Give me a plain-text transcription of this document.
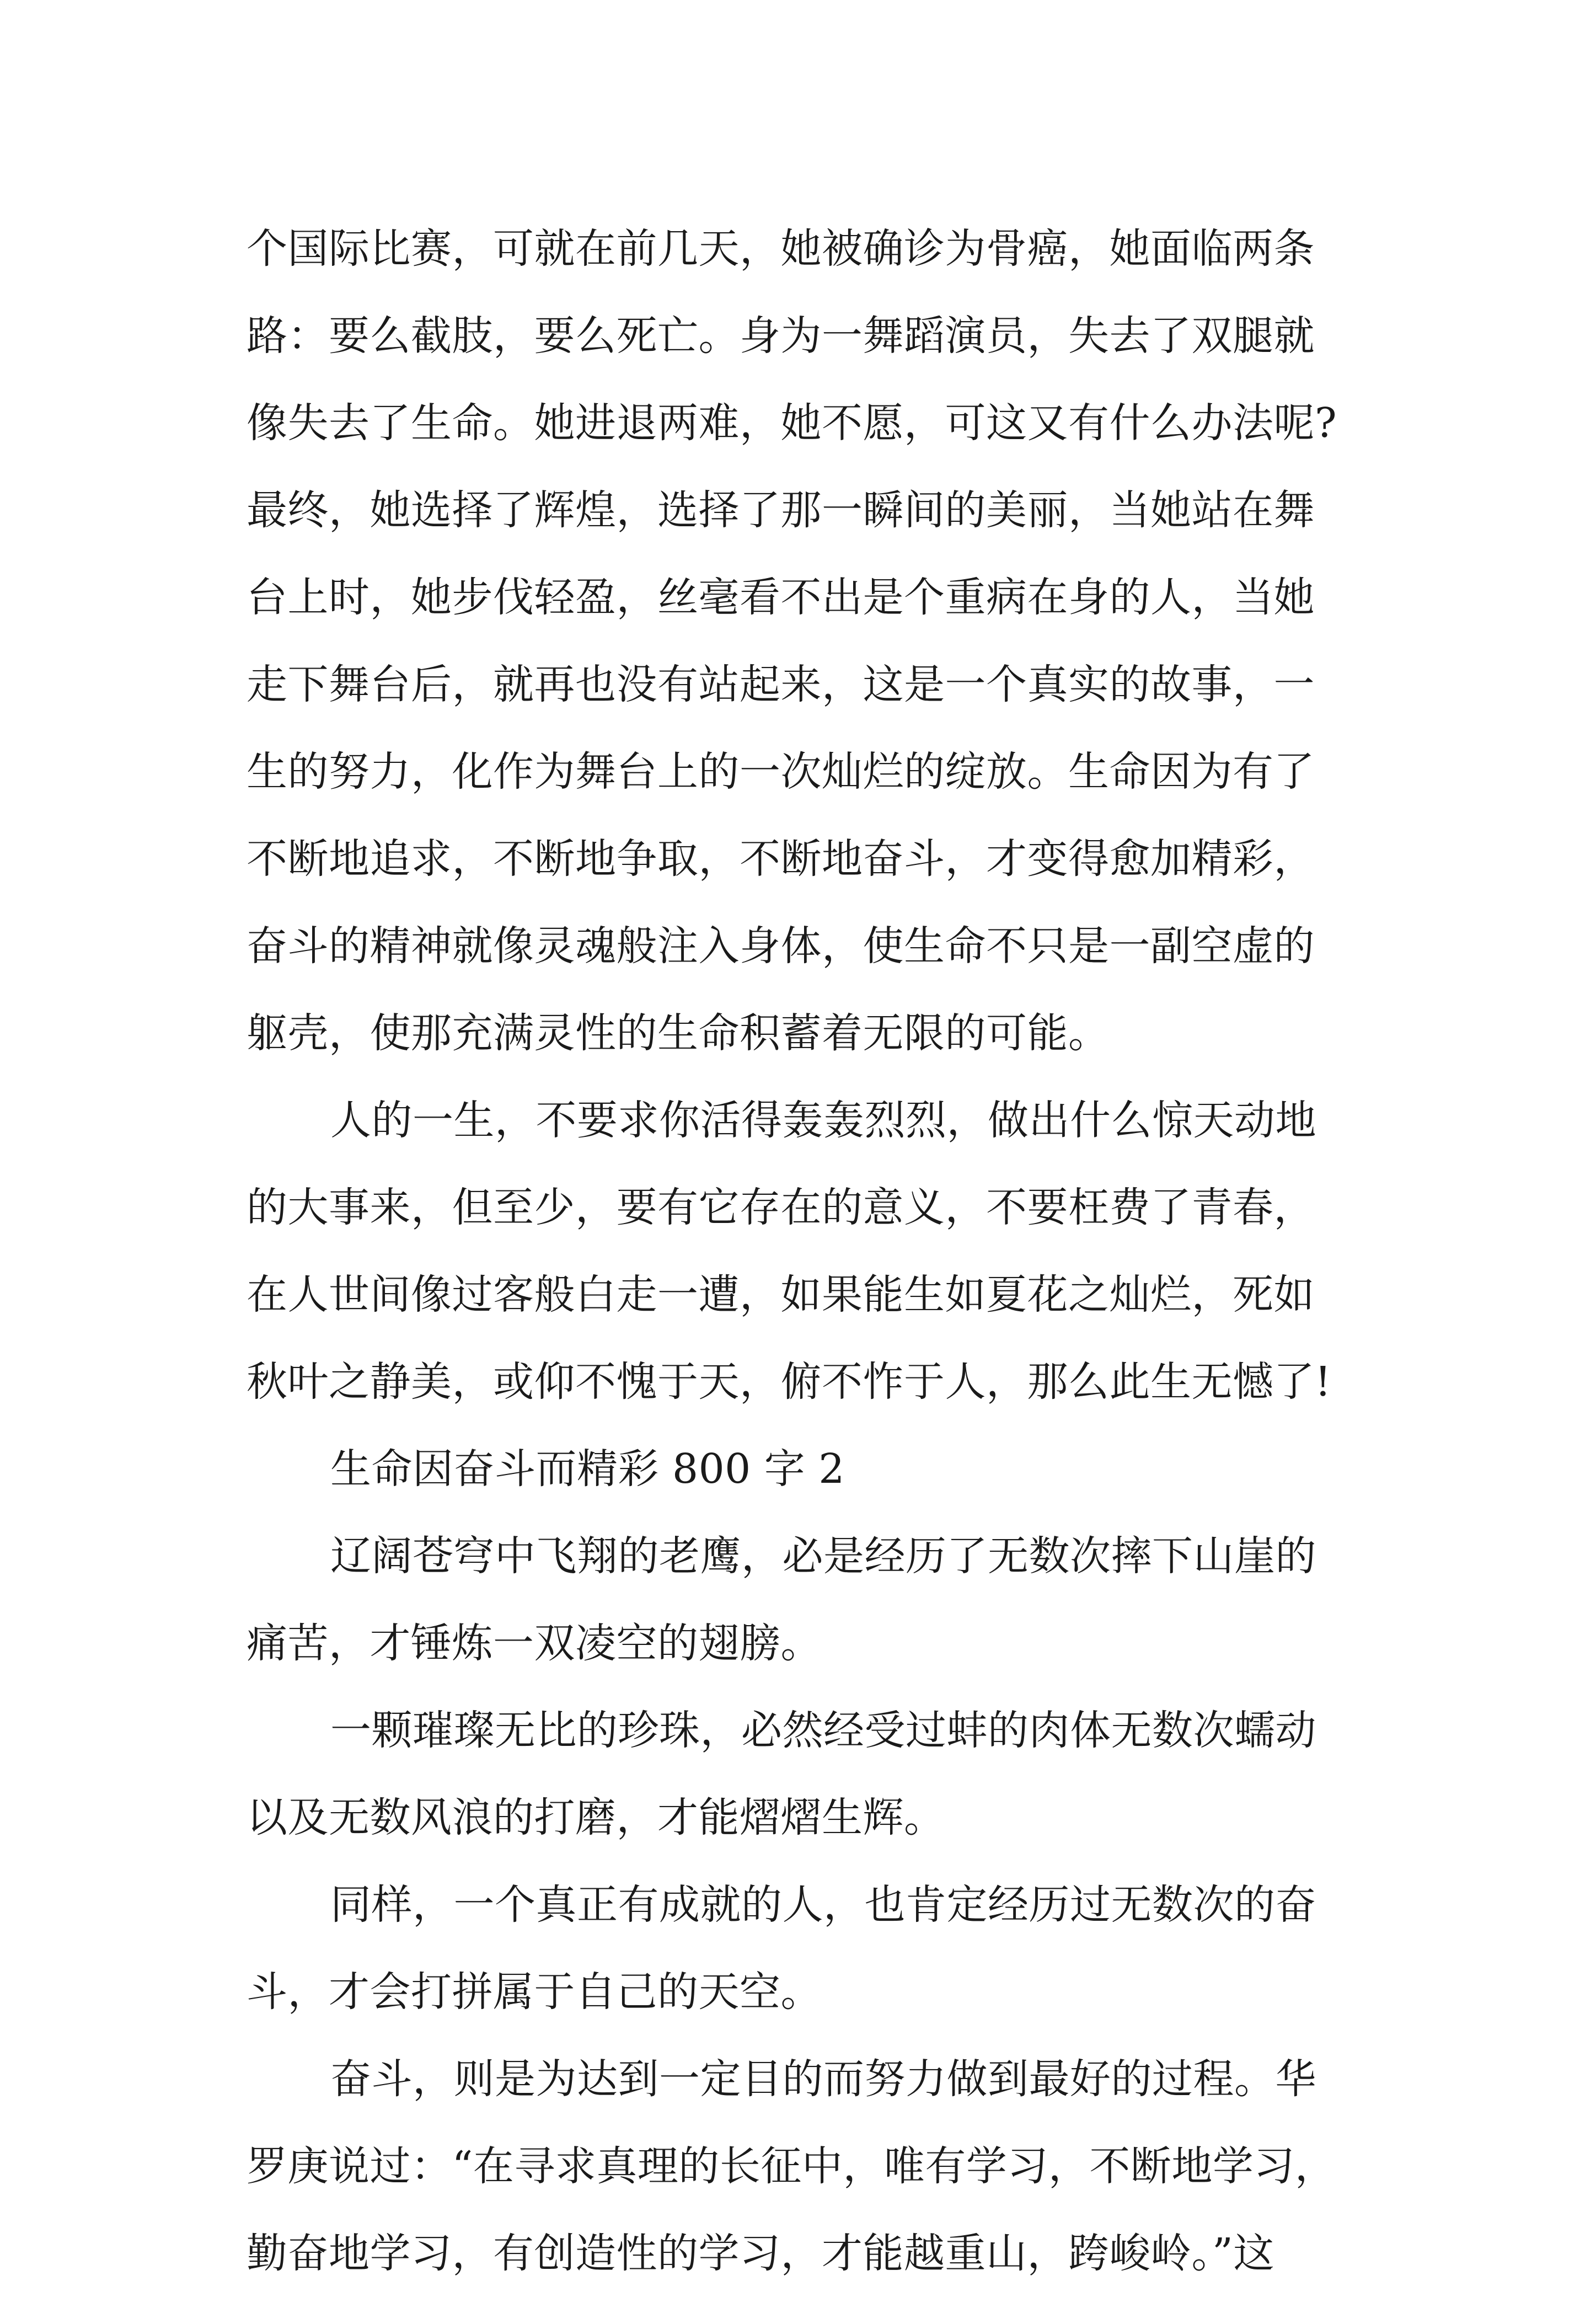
个国际比赛，可就在前几天，她被确诊为骨癌，她面临两条
路：要么截肢，要么死亡。身为一舞蹈演员，失去了双腿就
像失去了生命。她进退两难，她不愿，可这又有什么办法呢?
最终，她选择了辉煌，选择了那一瞬间的美丽，当她站在舞
台上时，她步伐轻盈，丝毫看不出是个重病在身的人，当她
走下舞台后，就再也没有站起来，这是一个真实的故事，一
生的努力，化作为舞台上的一次灿烂的绽放。生命因为有了
不断地追求，不断地争取，不断地奋斗，才变得愈加精彩，
奋斗的精神就像灵魂般注入身体，使生命不只是一副空虚的
躯壳，使那充满灵性的生命积蓄着无限的可能。
人的一生，不要求你活得轰轰烈烈，做出什么惊天动地
的大事来，但至少，要有它存在的意义，不要枉费了青春，
在人世间像过客般白走一遭，如果能生如夏花之灿烂，死如
秋叶之静美，或仰不愧于天，俯不怍于人，那么此生无憾了!
生命因奋斗而精彩 800 字 2
辽阔苍穹中飞翔的老鹰，必是经历了无数次摔下山崖的
痛苦，才锤炼一双凌空的翅膀。
一颗璀璨无比的珍珠，必然经受过蚌的肉体无数次蠕动
以及无数风浪的打磨，才能熠熠生辉。
同样，一个真正有成就的人，也肯定经历过无数次的奋
斗，才会打拼属于自己的天空。
奋斗，则是为达到一定目的而努力做到最好的过程。华
罗庚说过：“在寻求真理的长征中，唯有学习，不断地学习，
勤奋地学习，有创造性的学习，才能越重山，跨峻岭。”这
